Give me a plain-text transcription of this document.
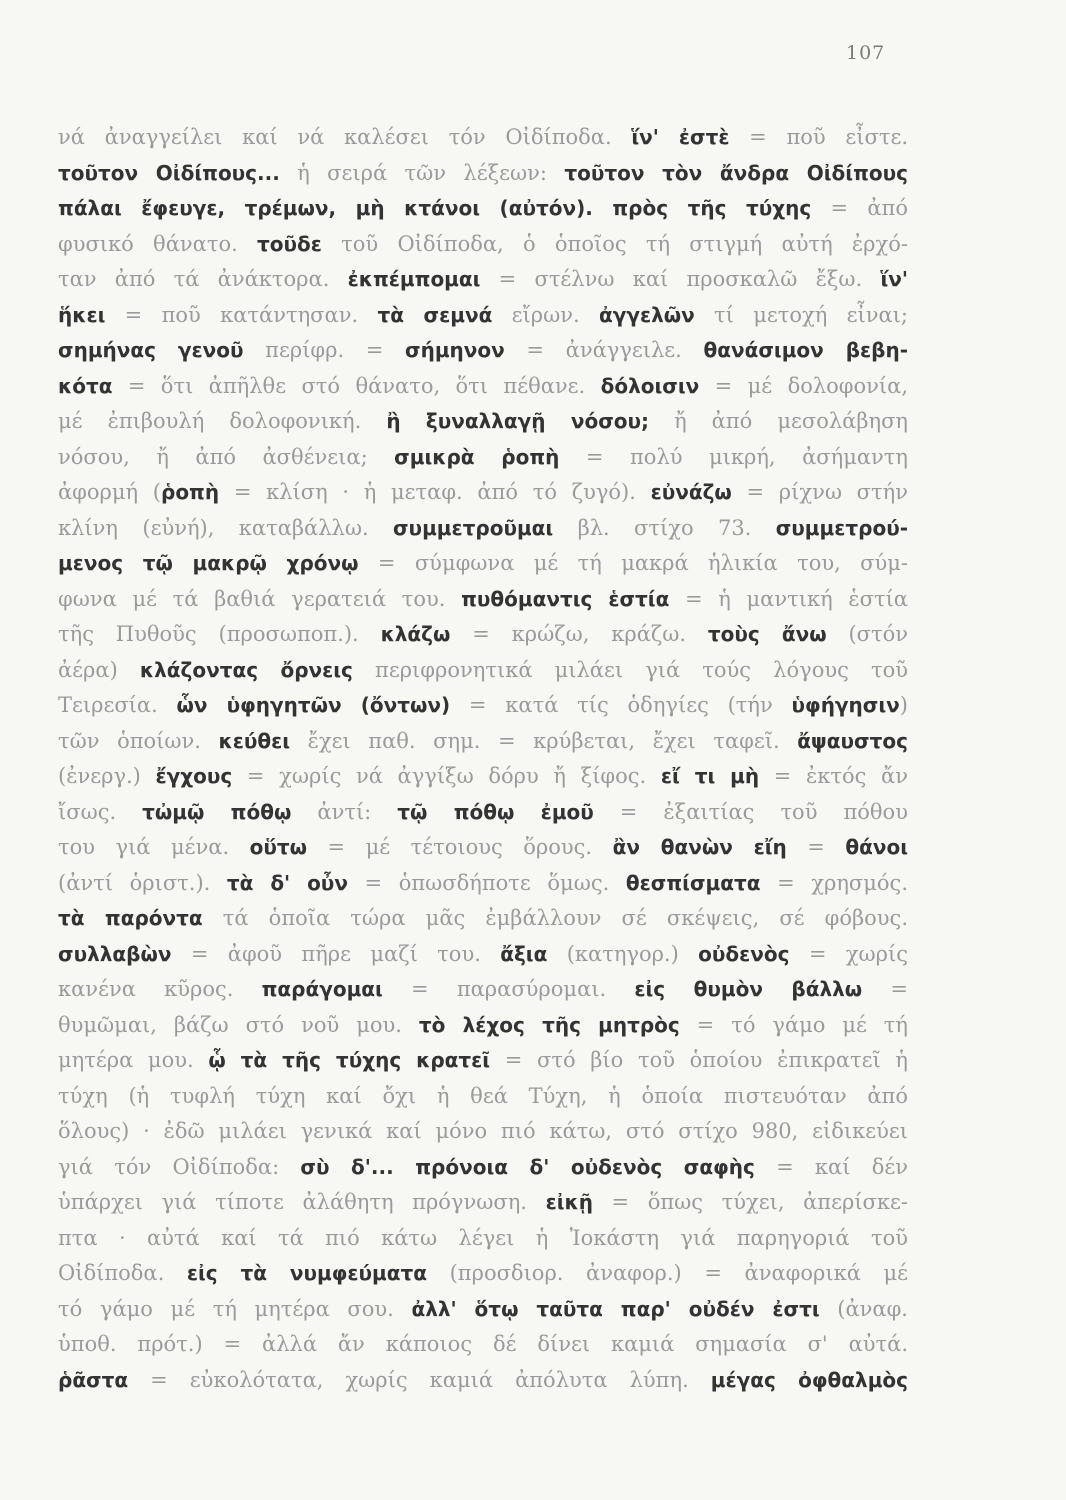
107
νά ἀναγγείλει καί νά καλέσει τόν Οἰδίποδα. ἵν' ἐστὲ = ποῦ εἶστε.
τοῦτον Οἰδίπους... ἡ σειρά τῶν λέξεων: τοῦτον τὸν ἄνδρα Οἰδίπους
πάλαι ἔφευγε, τρέμων, μὴ κτάνοι (αὐτόν). πρὸς τῆς τύχης = ἀπό
φυσικό θάνατο. τοῦδε τοῦ Οἰδίποδα, ὁ ὁποῖος τή στιγμή αὐτή ἐρχό-
ταν ἀπό τά ἀνάκτορα. ἐκπέμπομαι = στέλνω καί προσκαλῶ ἔξω. ἵν'
ἥκει = ποῦ κατάντησαν. τὰ σεμνά εἴρων. ἀγγελῶν τί μετοχή εἶναι;
σημήνας γενοῦ περίφρ. = σήμηνον = ἀνάγγειλε. θανάσιμον βεβη-
κότα = ὅτι ἀπῆλθε στό θάνατο, ὅτι πέθανε. δόλοισιν = μέ δολοφονία,
μέ ἐπιβουλή δολοφονική. ἢ ξυναλλαγῇ νόσου; ἤ ἀπό μεσολάβηση
νόσου, ἤ ἀπό ἀσθένεια; σμικρὰ ῥοπὴ = πολύ μικρή, ἀσήμαντη
ἀφορμή (ῥοπὴ = κλίση · ἡ μεταφ. ἀπό τό ζυγό). εὐνάζω = ρίχνω στήν
κλίνη (εὐνή), καταβάλλω. συμμετροῦμαι βλ. στίχο 73. συμμετρού-
μενος τῷ μακρῷ χρόνῳ = σύμφωνα μέ τή μακρά ἡλικία του, σύμ-
φωνα μέ τά βαθιά γερατειά του. πυθόμαντις ἑστία = ἡ μαντική ἑστία
τῆς Πυθοῦς (προσωποπ.). κλάζω = κρώζω, κράζω. τοὺς ἄνω (στόν
ἀέρα) κλάζοντας ὄρνεις περιφρονητικά μιλάει γιά τούς λόγους τοῦ
Τειρεσία. ὧν ὑφηγητῶν (ὄντων) = κατά τίς ὁδηγίες (τήν ὑφήγησιν)
τῶν ὁποίων. κεύθει ἔχει παθ. σημ. = κρύβεται, ἔχει ταφεῖ. ἄψαυστος
(ἐνεργ.) ἔγχους = χωρίς νά ἀγγίξω δόρυ ἤ ξίφος. εἴ τι μὴ = ἐκτός ἄν
ἴσως. τὠμῷ πόθῳ ἀντί: τῷ πόθῳ ἐμοῦ = ἐξαιτίας τοῦ πόθου
του γιά μένα. οὕτω = μέ τέτοιους ὅρους. ἂν θανὼν εἴη = θάνοι
(ἀντί ὁριστ.). τὰ δ' οὖν = ὁπωσδήποτε ὅμως. θεσπίσματα = χρησμός.
τὰ παρόντα τά ὁποῖα τώρα μᾶς ἐμβάλλουν σέ σκέψεις, σέ φόβους.
συλλαβὼν = ἀφοῦ πῆρε μαζί του. ἄξια (κατηγορ.) οὐδενὸς = χωρίς
κανένα κῦρος. παράγομαι = παρασύρομαι. εἰς θυμὸν βάλλω =
θυμῶμαι, βάζω στό νοῦ μου. τὸ λέχος τῆς μητρὸς = τό γάμο μέ τή
μητέρα μου. ᾧ τὰ τῆς τύχης κρατεῖ = στό βίο τοῦ ὁποίου ἐπικρατεῖ ἡ
τύχη (ἡ τυφλή τύχη καί ὄχι ἡ θεά Τύχη, ἡ ὁποία πιστευόταν ἀπό
ὅλους) · ἐδῶ μιλάει γενικά καί μόνο πιό κάτω, στό στίχο 980, εἰδικεύει
γιά τόν Οἰδίποδα: σὺ δ'... πρόνοια δ' οὐδενὸς σαφὴς = καί δέν
ὑπάρχει γιά τίποτε ἀλάθητη πρόγνωση. εἰκῇ = ὅπως τύχει, ἀπερίσκε-
πτα · αὐτά καί τά πιό κάτω λέγει ἡ Ἰοκάστη γιά παρηγοριά τοῦ
Οἰδίποδα. εἰς τὰ νυμφεύματα (προσδιορ. ἀναφορ.) = ἀναφορικά μέ
τό γάμο μέ τή μητέρα σου. ἀλλ' ὅτῳ ταῦτα παρ' οὐδέν ἐστι (ἀναφ.
ὑποθ. πρότ.) = ἀλλά ἄν κάποιος δέ δίνει καμιά σημασία σ' αὐτά.
ῥᾶστα = εὐκολότατα, χωρίς καμιά ἀπόλυτα λύπη. μέγας ὀφθαλμὸς
